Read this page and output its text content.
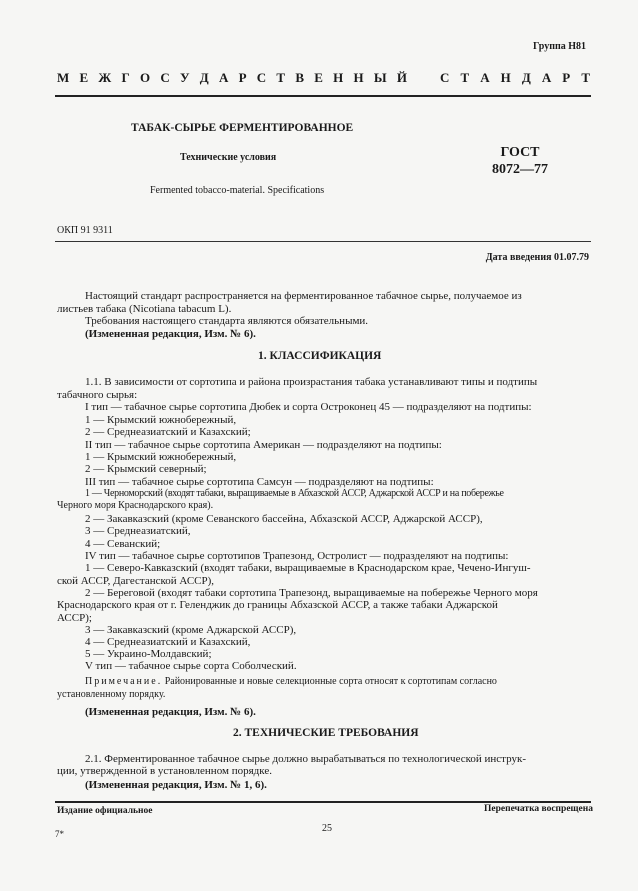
Группа Н81
М Е Ж Г О С У Д А Р С Т В Е Н Н Ы Й	С Т А Н Д А Р Т
ТАБАК-СЫРЬЕ ФЕРМЕНТИРОВАННОЕ
Технические условия	ГОСТ
8072—77
Fermented tobacco-material. Specifications
ОКП 91 9311
Дата введения 01.07.79
Настоящий стандарт распространяется на ферментированное табачное сырье, получаемое из
листьев табака (Nicotiana tabacum L).
Требования настоящего стандарта являются обязательными.
(Измененная редакция, Изм. № 6).
1. КЛАССИФИКАЦИЯ
1.1. В зависимости от сортотипа и района произрастания табака устанавливают типы и подтипы
табачного сырья:
I тип — табачное сырье сортотипа Дюбек и сорта Остроконец 45 — подразделяют на подтипы:
1 — Крымский южнобережный,
2 — Среднеазиатский и Казахский;
II тип — табачное сырье сортотипа Американ — подразделяют на подтипы:
1 — Крымский южнобережный,
2 — Крымский северный;
III тип — табачное сырье сортотипа Самсун — подразделяют на подтипы:
1 — Черноморский (входят табаки, выращиваемые в Абхазской АССР, Аджарской АССР и на побережье
Черного моря Краснодарского края).
2 — Закавказский (кроме Севанского бассейна, Абхазской АССР, Аджарской АССР),
3 — Среднеазиатский,
4 — Севанский;
IV тип — табачное сырье сортотипов Трапезонд, Остролист — подразделяют на подтипы:
1 — Северо-Кавказский (входят табаки, выращиваемые в Краснодарском крае, Чечено-Ингуш-
ской АССР, Дагестанской АССР),
2 — Береговой (входят табаки сортотипа Трапезонд, выращиваемые на побережье Черного моря
Краснодарского края от г. Геленджик до границы Абхазской АССР, а также табаки Аджарской
АССР);
3 — Закавказский (кроме Аджарской АССР),
4 — Среднеазиатский и Казахский,
5 — Украино-Молдавский;
V тип — табачное сырье сорта Соболческий.
Примечание. Районированные и новые селекционные сорта относят к сортотипам согласно
установленному порядку.
(Измененная редакция, Изм. № 6).
2. ТЕХНИЧЕСКИЕ ТРЕБОВАНИЯ
2.1. Ферментированное табачное сырье должно вырабатываться по технологической инструк-
ции, утвержденной в установленном порядке.
(Измененная редакция, Изм. № 1, 6).
Издание официальное	Перепечатка воспрещена
25
7*
